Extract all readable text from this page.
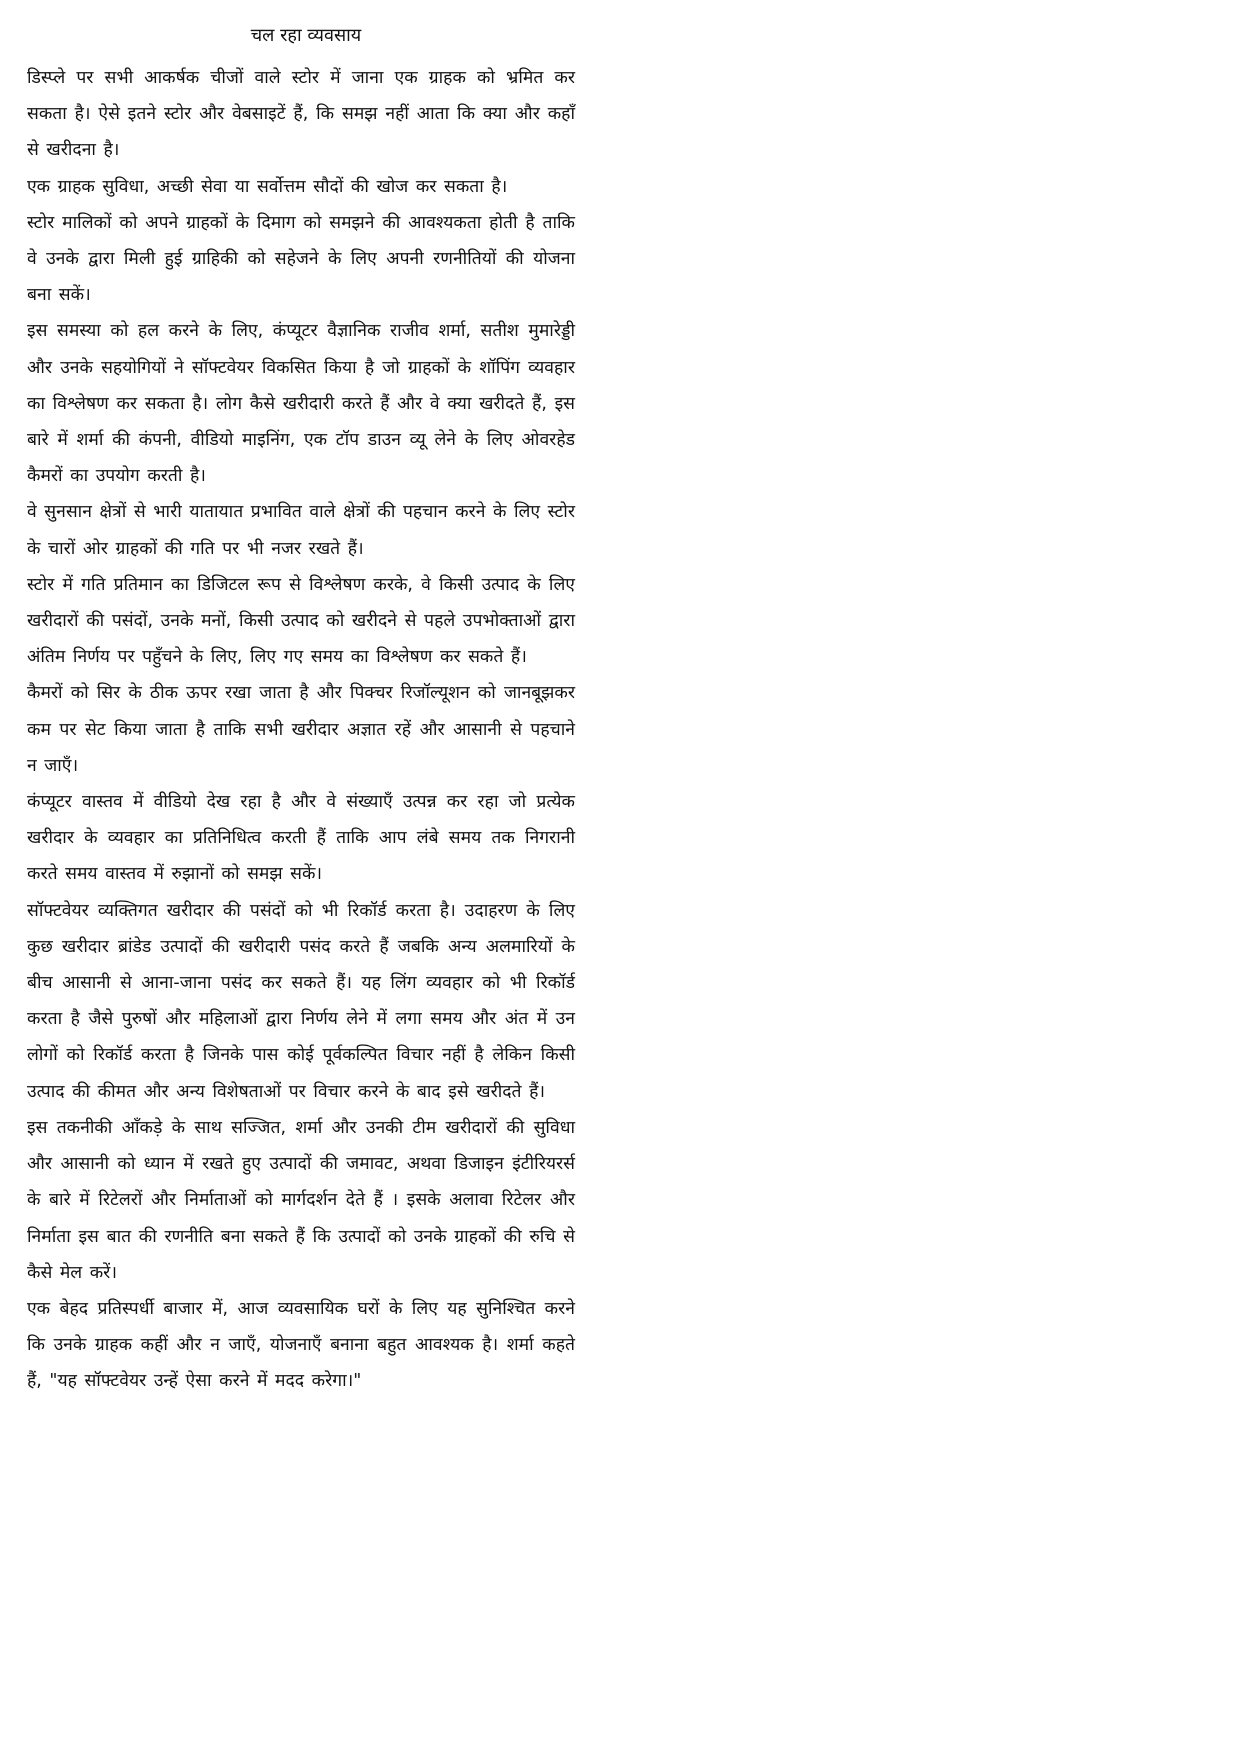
चल रहा व्यवसाय

डिस्प्ले पर सभी आकर्षक चीजों वाले स्टोर में जाना एक ग्राहक को भ्रमित कर सकता है। ऐसे इतने स्टोर और वेबसाइटें हैं, कि समझ नहीं आता कि क्या और कहाँ से खरीदना है।

एक ग्राहक सुविधा, अच्छी सेवा या सर्वोत्तम सौदों की खोज कर सकता है।

स्टोर मालिकों को अपने ग्राहकों के दिमाग को समझने की आवश्यकता होती है ताकि वे उनके द्वारा मिली हुई ग्राहिकी को सहेजने के लिए अपनी रणनीतियों की योजना बना सकें।

इस समस्या को हल करने के लिए, कंप्यूटर वैज्ञानिक राजीव शर्मा, सतीश मुमारेड्डी और उनके सहयोगियों ने सॉफ्टवेयर विकसित किया है जो ग्राहकों के शॉपिंग व्यवहार का विश्लेषण कर सकता है। लोग कैसे खरीदारी करते हैं और वे क्या खरीदते हैं, इस बारे में शर्मा की कंपनी, वीडियो माइनिंग, एक टॉप डाउन व्यू लेने के लिए ओवरहेड कैमरों का उपयोग करती है।

वे सुनसान क्षेत्रों से भारी यातायात प्रभावित वाले क्षेत्रों की पहचान करने के लिए स्टोर के चारों ओर ग्राहकों की गति पर भी नजर रखते हैं।

स्टोर में गति प्रतिमान का डिजिटल रूप से विश्लेषण करके, वे किसी उत्पाद के लिए खरीदारों की पसंदों, उनके मनों, किसी उत्पाद को खरीदने से पहले उपभोक्ताओं द्वारा अंतिम निर्णय पर पहुँचने के लिए, लिए गए समय का विश्लेषण कर सकते हैं।

कैमरों को सिर के ठीक ऊपर रखा जाता है और पिक्चर रिजॉल्यूशन को जानबूझकर कम पर सेट किया जाता है ताकि सभी खरीदार अज्ञात रहें और आसानी से पहचाने न जाएँ।

कंप्यूटर वास्तव में वीडियो देख रहा है और वे संख्याएँ उत्पन्न कर रहा जो प्रत्येक खरीदार के व्यवहार का प्रतिनिधित्व करती हैं ताकि आप लंबे समय तक निगरानी करते समय वास्तव में रुझानों को समझ सकें।

सॉफ्टवेयर व्यक्तिगत खरीदार की पसंदों को भी रिकॉर्ड करता है। उदाहरण के लिए कुछ खरीदार ब्रांडेड उत्पादों की खरीदारी पसंद करते हैं जबकि अन्य अलमारियों के बीच आसानी से आना-जाना पसंद कर सकते हैं। यह लिंग व्यवहार को भी रिकॉर्ड करता है जैसे पुरुषों और महिलाओं द्वारा निर्णय लेने में लगा समय और अंत में उन लोगों को रिकॉर्ड करता है जिनके पास कोई पूर्वकल्पित विचार नहीं है लेकिन किसी उत्पाद की कीमत और अन्य विशेषताओं पर विचार करने के बाद इसे खरीदते हैं।

इस तकनीकी आँकड़े के साथ सज्जित, शर्मा और उनकी टीम खरीदारों की सुविधा और आसानी को ध्यान में रखते हुए उत्पादों की जमावट, अथवा डिजाइन इंटीरियरर्स के बारे में रिटेलरों और निर्माताओं को मार्गदर्शन देते हैं । इसके अलावा रिटेलर और निर्माता इस बात की रणनीति बना सकते हैं कि उत्पादों को उनके ग्राहकों की रुचि से कैसे मेल करें।

एक बेहद प्रतिस्पर्धी बाजार में, आज व्यवसायिक घरों के लिए यह सुनिश्चित करने कि उनके ग्राहक कहीं और न जाएँ, योजनाएँ बनाना बहुत आवश्यक है। शर्मा कहते हैं, "यह सॉफ्टवेयर उन्हें ऐसा करने में मदद करेगा।"
